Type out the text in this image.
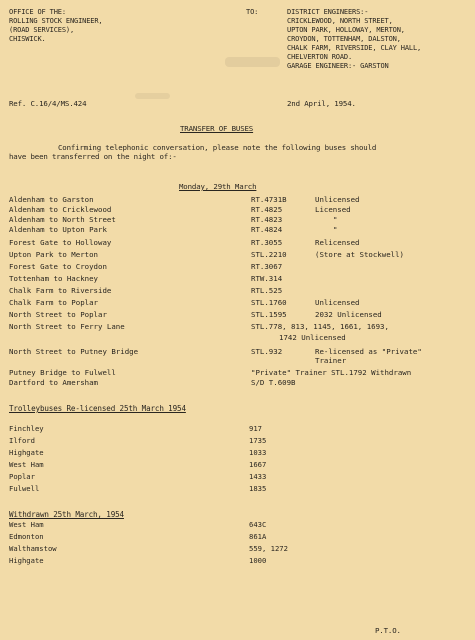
OFFICE OF THE:
ROLLING STOCK ENGINEER,
(ROAD SERVICES),
CHISWICK.
TO:	DISTRICT ENGINEERS:-
CRICKLEWOOD, NORTH STREET,
UPTON PARK, HOLLOWAY, MERTON,
CROYDON, TOTTENHAM, DALSTON,
CHALK FARM, RIVERSIDE, CLAY HALL,
CHELVERTON ROAD.
GARAGE ENGINEER:- GARSTON
Ref. C.16/4/MS.424	2nd April, 1954.
TRANSFER OF BUSES
Confirming telephonic conversation, please note the following buses should
have been transferred on the night of:-
Monday, 29th March
Aldenham to Garston	RT.4731B	Unlicensed
Aldenham to Cricklewood	RT.4825	Licensed
Aldenham to North Street	RT.4823	"
Aldenham to Upton Park	RT.4824	"
Forest Gate to Holloway	RT.3055	Relicensed
Upton Park to Merton	STL.2210	(Store at Stockwell)
Forest Gate to Croydon	RT.3067
Tottenham to Hackney	RTW.314
Chalk Farm to Riverside	RTL.525
Chalk Farm to Poplar	STL.1760	Unlicensed
North Street to Poplar	STL.1595	2032 Unlicensed
North Street to Ferry Lane	STL.778, 813, 1145, 1661, 1693,
1742 Unlicensed
North Street to Putney Bridge	STL.932	Re-licensed as "Private"
Trainer
Putney Bridge to Fulwell	"Private" Trainer STL.1792 Withdrawn
Dartford to Amersham	S/D T.609B
Trolleybuses Re-licensed 25th March 1954
Finchley	917
Ilford	1735
Highgate	1033
West Ham	1667
Poplar	1433
Fulwell	1835
Withdrawn 25th March, 1954
West Ham	643C
Edmonton	861A
Walthamstow	559, 1272
Highgate	1000
P.T.O.
